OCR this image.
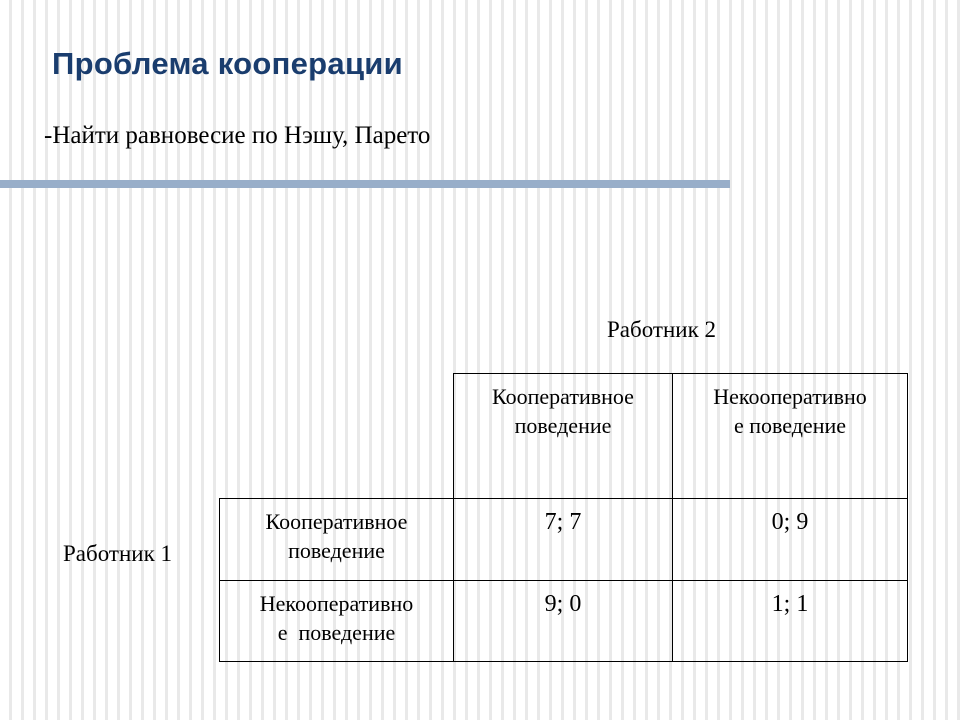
Проблема кооперации
-Найти равновесие по Нэшу, Парето
Работник 2
Работник 1
Кооперативное
поведение
Некооперативно
е поведение
Кооперативное
поведение
7; 7	0; 9
Некооперативно
е  поведение
9; 0	1; 1
